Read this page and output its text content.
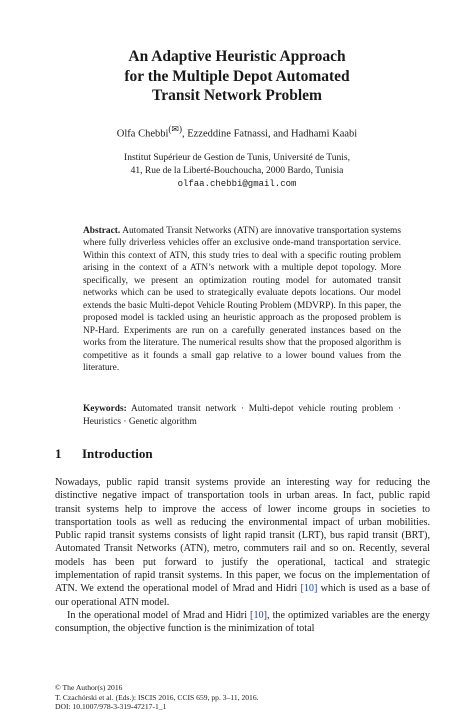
An Adaptive Heuristic Approach
for the Multiple Depot Automated
Transit Network Problem
Olfa Chebbi(✉), Ezzeddine Fatnassi, and Hadhami Kaabi
Institut Supérieur de Gestion de Tunis, Université de Tunis,
41, Rue de la Liberté-Bouchoucha, 2000 Bardo, Tunisia
olfaa.chebbi@gmail.com
Abstract. Automated Transit Networks (ATN) are innovative transportation systems where fully driverless vehicles offer an exclusive onde-mand transportation service. Within this context of ATN, this study tries to deal with a specific routing problem arising in the context of a ATN’s network with a multiple depot topology. More specifically, we present an optimization routing model for automated transit networks which can be used to strategically evaluate depots locations. Our model extends the basic Multi-depot Vehicle Routing Problem (MDVRP). In this paper, the proposed model is tackled using an heuristic approach as the proposed problem is NP-Hard. Experiments are run on a carefully generated instances based on the works from the literature. The numerical results show that the proposed algorithm is competitive as it founds a small gap relative to a lower bound values from the literature.
Keywords: Automated transit network · Multi-depot vehicle routing problem · Heuristics · Genetic algorithm
1 Introduction

Nowadays, public rapid transit systems provide an interesting way for reducing the distinctive negative impact of transportation tools in urban areas. In fact, public rapid transit systems help to improve the access of lower income groups in societies to transportation tools as well as reducing the environmental impact of urban mobilities. Public rapid transit systems consists of light rapid transit (LRT), bus rapid transit (BRT), Automated Transit Networks (ATN), metro, commuters rail and so on. Recently, several models has been put forward to justify the operational, tactical and strategic implementation of rapid transit systems. In this paper, we focus on the implementation of ATN. We extend the operational model of Mrad and Hidri [10] which is used as a base of our operational ATN model.

In the operational model of Mrad and Hidri [10], the optimized variables are the energy consumption, the objective function is the minimization of total

© The Author(s) 2016
T. Czachórski et al. (Eds.): ISCIS 2016, CCIS 659, pp. 3–11, 2016.
DOI: 10.1007/978-3-319-47217-1_1
